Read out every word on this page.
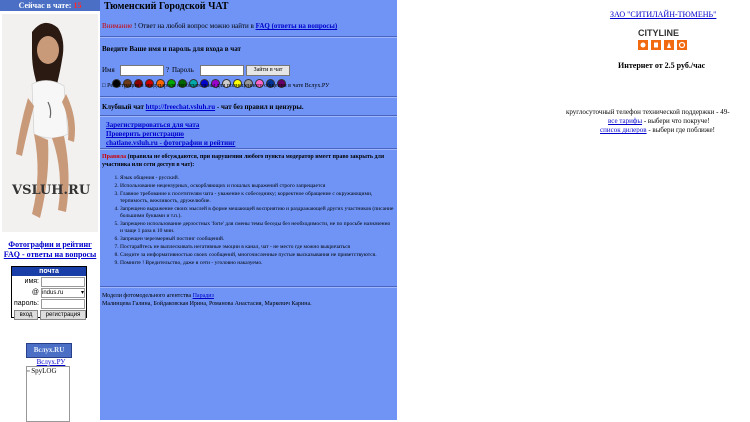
Сейчас в чате: 15
VSLUH.RU
Фотографии и рейтинг
FAQ - ответы на вопросы
почта
имя:
@ indus.ru	▾
пароль:
вход	регистрация
Вслух.RU
Вслух.РУ
▫ SpyLOG
Тюменский Городской ЧАТ
Внимание ! Ответ на любой вопрос можно найти в FAQ (ответы на вопросы)
Введите Ваше имя и пароль для входа в чат
Имя	? Пароль	Зайти в чат
□ Регистрация и ввод пароля необязательны для полноценного общения в чате Вслух.РУ
Клубный чат http://freechat.vsluh.ru - чат без правил и цензуры.
Зарегистрироваться для чата
Проверить регистрацию
chatlane.vsluh.ru - фотографии и рейтинг
Правила (правила не обсуждаются, при нарушении любого пункта модератор имеет право закрыть для участника или сети доступ в чат):
1. Язык общения - русский.
2. Использование нецензурных, оскорбляющих и пошлых выражений строго запрещается
3. Главное требование к посетителям чата - уважение к собеседнику; корректное обращение с окружающими, терпимость, вежливость, дружелюбие.
4. Запрещено выражение своих мыслей в форме мешающей восприятию и раздражающей других участников (писание большими буквами и т.п.).
5. Запрещено использование дерзостных 'forte' для смены темы беседы без необходимости, не по просьбе назначенно и чаще 1 раза в 10 мин.
6. Запрещен черезмерный постинг сообщений.
7. Постарайтесь не выплескивать негативные эмоции в канал, чат - не место где можно выкричаться
8. Следите за информативностью своих сообщений, многочисленные пустые высказывания не приветствуются.
9. Помните ! Вредительство, даже в сети - уголовно наказуемо.
Модели фотомодельного агентства Парадиз
Малинцева Галина, Бойдаковская Ирина, Романова Анастасия, Маркевич Карина.
ЗАО "СИТИЛАЙН-ТЮМЕНЬ"
CITYLINE
Интернет от 2.5 руб./час
круглосуточный телефон технической поддержки - 49-
все тарифы - выбери что покруче!
список дилеров - выбери где поближе!
